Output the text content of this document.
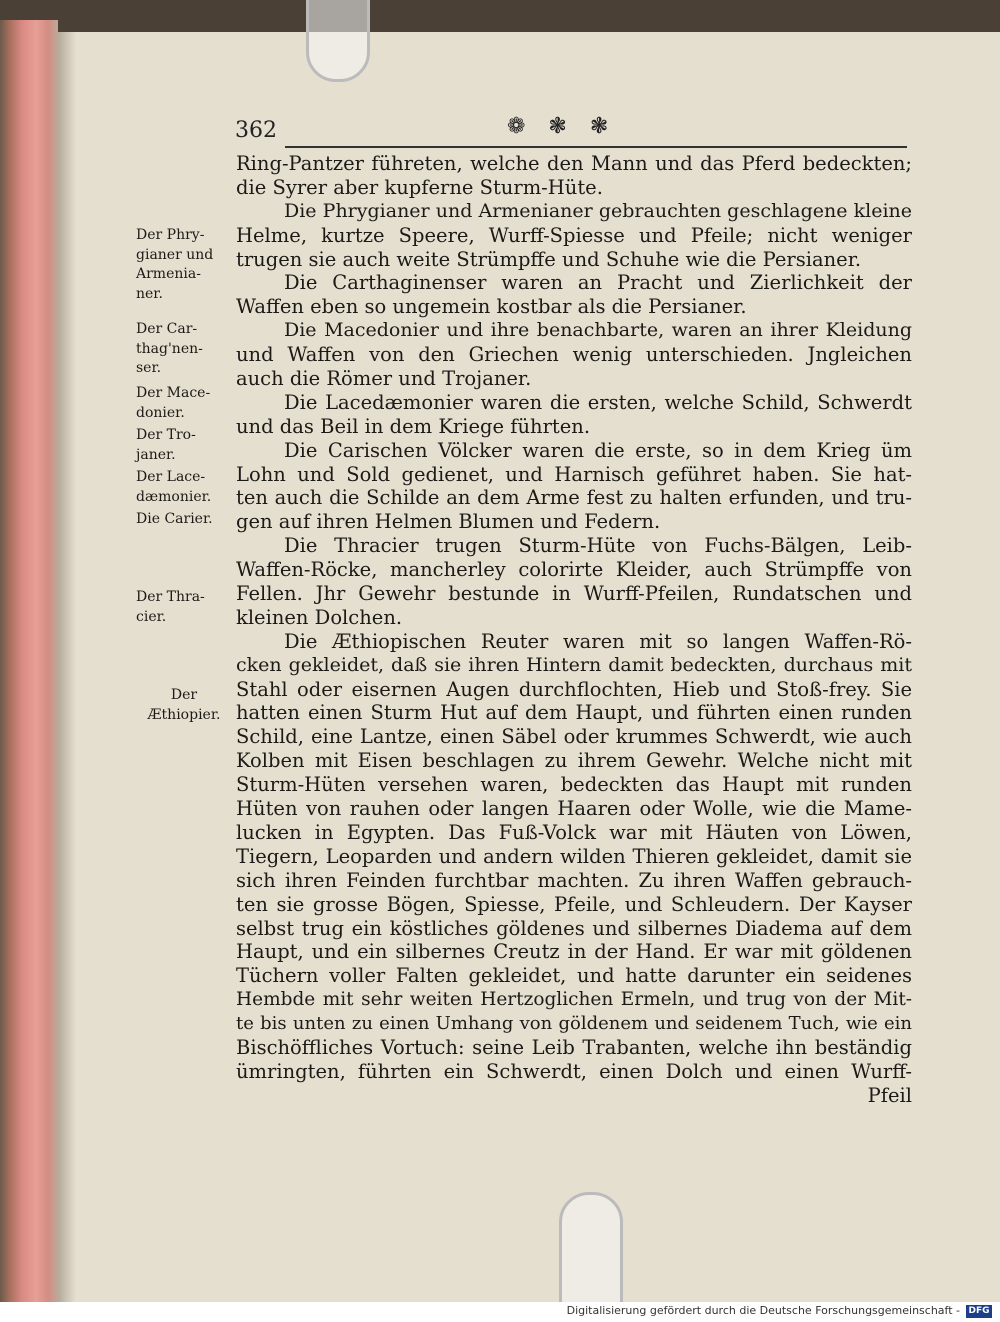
362	❁ ❃ ❃
Der Phry-
gianer und
Armenia-
ner.
Der Car-
thag'nen-
ser.
Der Mace-
donier.
Der Tro-
janer.
Der Lace-
dæmonier.
Die Carier.
Der Thra-
cier.
Der
Æthiopier.
Ring-Pantzer führeten, welche den Mann und das Pferd bedeckten;
die Syrer aber kupferne Sturm-Hüte.
Die Phrygianer und Armenianer gebrauchten geschlagene kleine
Helme, kurtze Speere, Wurff-Spiesse und Pfeile; nicht weniger
trugen sie auch weite Strümpffe und Schuhe wie die Persianer.
Die Carthaginenser waren an Pracht und Zierlichkeit der
Waffen eben so ungemein kostbar als die Persianer.
Die Macedonier und ihre benachbarte, waren an ihrer Kleidung
und Waffen von den Griechen wenig unterschieden. Jngleichen
auch die Römer und Trojaner.
Die Lacedæmonier waren die ersten, welche Schild, Schwerdt
und das Beil in dem Kriege führten.
Die Carischen Völcker waren die erste, so in dem Krieg üm
Lohn und Sold gedienet, und Harnisch geführet haben. Sie hat-
ten auch die Schilde an dem Arme fest zu halten erfunden, und tru-
gen auf ihren Helmen Blumen und Federn.
Die Thracier trugen Sturm-Hüte von Fuchs-Bälgen, Leib-
Waffen-Röcke, mancherley colorirte Kleider, auch Strümpffe von
Fellen. Jhr Gewehr bestunde in Wurff-Pfeilen, Rundatschen und
kleinen Dolchen.
Die Æthiopischen Reuter waren mit so langen Waffen-Rö-
cken gekleidet, daß sie ihren Hintern damit bedeckten, durchaus mit
Stahl oder eisernen Augen durchflochten, Hieb und Stoß-frey. Sie
hatten einen Sturm Hut auf dem Haupt, und führten einen runden
Schild, eine Lantze, einen Säbel oder krummes Schwerdt, wie auch
Kolben mit Eisen beschlagen zu ihrem Gewehr. Welche nicht mit
Sturm-Hüten versehen waren, bedeckten das Haupt mit runden
Hüten von rauhen oder langen Haaren oder Wolle, wie die Mame-
lucken in Egypten. Das Fuß-Volck war mit Häuten von Löwen,
Tiegern, Leoparden und andern wilden Thieren gekleidet, damit sie
sich ihren Feinden furchtbar machten. Zu ihren Waffen gebrauch-
ten sie grosse Bögen, Spiesse, Pfeile, und Schleudern. Der Kayser
selbst trug ein köstliches göldenes und silbernes Diadema auf dem
Haupt, und ein silbernes Creutz in der Hand. Er war mit göldenen
Tüchern voller Falten gekleidet, und hatte darunter ein seidenes
Hembde mit sehr weiten Hertzoglichen Ermeln, und trug von der Mit-
te bis unten zu einen Umhang von göldenem und seidenem Tuch, wie ein
Bischöffliches Vortuch: seine Leib Trabanten, welche ihn beständig
ümringten, führten ein Schwerdt, einen Dolch und einen Wurff-
Pfeil
Digitalisierung gefördert durch die Deutsche Forschungsgemeinschaft - DFG
